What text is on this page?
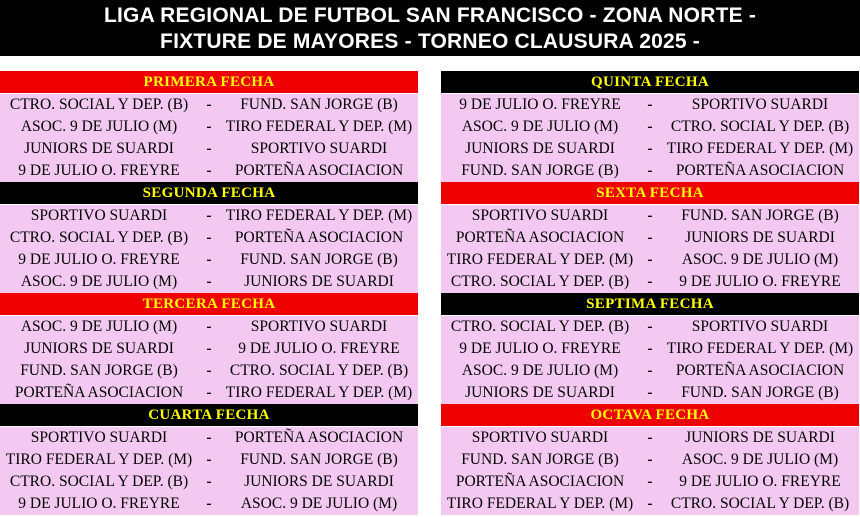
LIGA REGIONAL DE FUTBOL SAN FRANCISCO - ZONA NORTE -
FIXTURE DE MAYORES - TORNEO CLAUSURA 2025 -
PRIMERA FECHA
CTRO. SOCIAL Y DEP. (B)	-	FUND. SAN JORGE (B)
ASOC. 9 DE JULIO (M)	- TIRO FEDERAL Y DEP. (M)
JUNIORS DE SUARDI	-	SPORTIVO SUARDI
9 DE JULIO O. FREYRE	-	PORTEÑA ASOCIACION
SEGUNDA FECHA
SPORTIVO SUARDI	- TIRO FEDERAL Y DEP. (M)
CTRO. SOCIAL Y DEP. (B)	-	PORTEÑA ASOCIACION
9 DE JULIO O. FREYRE	-	FUND. SAN JORGE (B)
ASOC. 9 DE JULIO (M)	-	JUNIORS DE SUARDI
TERCERA FECHA
ASOC. 9 DE JULIO (M)	-	SPORTIVO SUARDI
JUNIORS DE SUARDI	-	9 DE JULIO O. FREYRE
FUND. SAN JORGE (B)	-	CTRO. SOCIAL Y DEP. (B)
PORTEÑA ASOCIACION	- TIRO FEDERAL Y DEP. (M)
CUARTA FECHA
SPORTIVO SUARDI	-	PORTEÑA ASOCIACION
TIRO FEDERAL Y DEP. (M) -	FUND. SAN JORGE (B)
CTRO. SOCIAL Y DEP. (B)	-	JUNIORS DE SUARDI
9 DE JULIO O. FREYRE	-	ASOC. 9 DE JULIO (M)
QUINTA FECHA
9 DE JULIO O. FREYRE	-	SPORTIVO SUARDI
ASOC. 9 DE JULIO (M)	-	CTRO. SOCIAL Y DEP. (B)
JUNIORS DE SUARDI	- TIRO FEDERAL Y DEP. (M)
FUND. SAN JORGE (B)	-	PORTEÑA ASOCIACION
SEXTA FECHA
SPORTIVO SUARDI	-	FUND. SAN JORGE (B)
PORTEÑA ASOCIACION	-	JUNIORS DE SUARDI
TIRO FEDERAL Y DEP. (M) -	ASOC. 9 DE JULIO (M)
CTRO. SOCIAL Y DEP. (B)	-	9 DE JULIO O. FREYRE
SEPTIMA FECHA
CTRO. SOCIAL Y DEP. (B)	-	SPORTIVO SUARDI
9 DE JULIO O. FREYRE	- TIRO FEDERAL Y DEP. (M)
ASOC. 9 DE JULIO (M)	-	PORTEÑA ASOCIACION
JUNIORS DE SUARDI	-	FUND. SAN JORGE (B)
OCTAVA FECHA
SPORTIVO SUARDI	-	JUNIORS DE SUARDI
FUND. SAN JORGE (B)	-	ASOC. 9 DE JULIO (M)
PORTEÑA ASOCIACION	-	9 DE JULIO O. FREYRE
TIRO FEDERAL Y DEP. (M) -	CTRO. SOCIAL Y DEP. (B)
